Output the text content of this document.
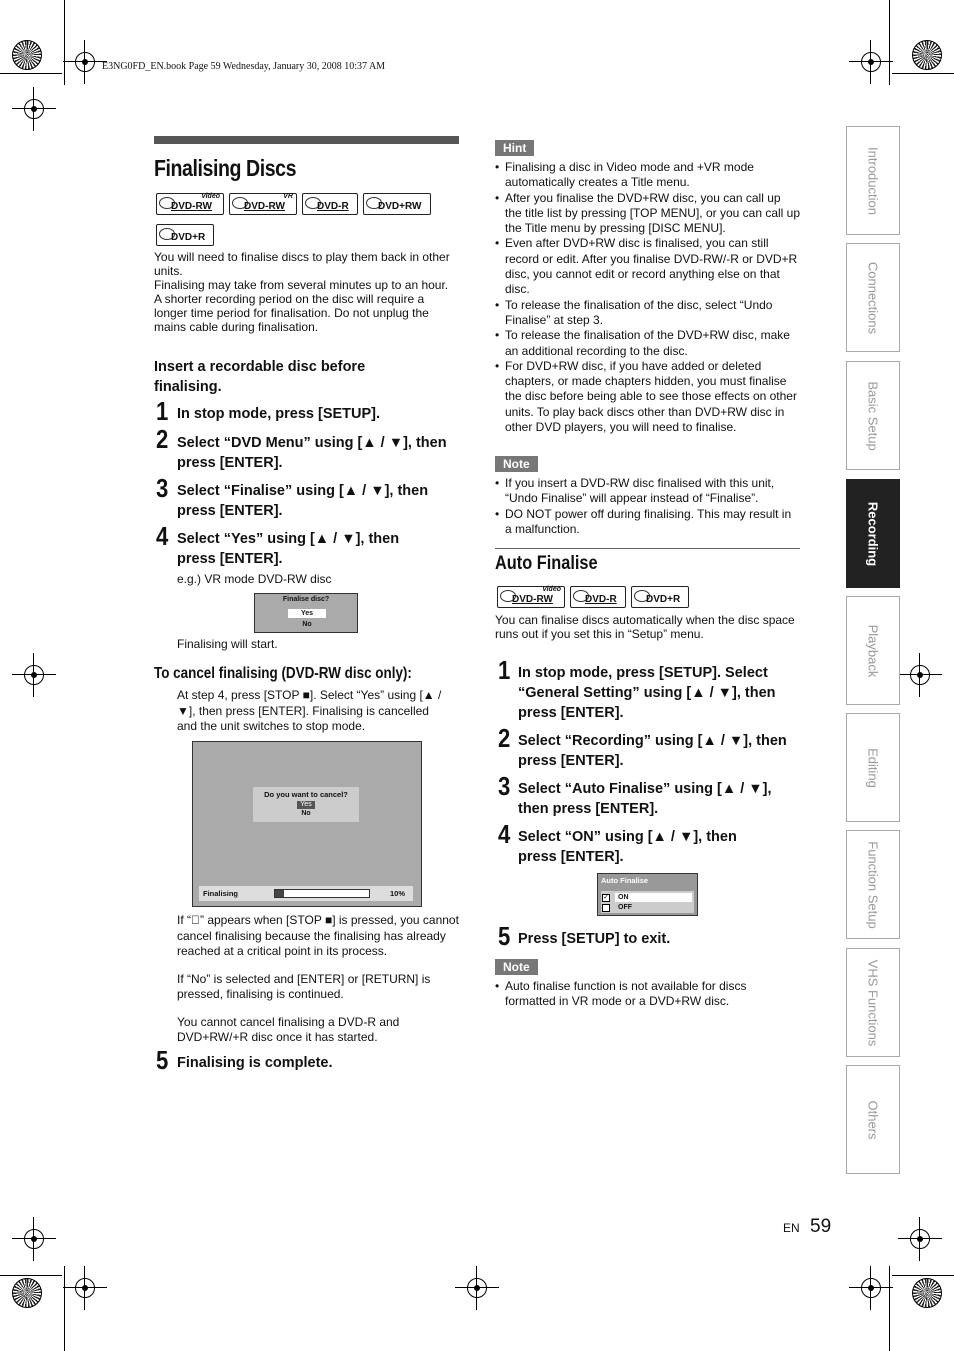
E3NG0FD_EN.book Page 59 Wednesday, January 30, 2008 10:37 AM
Finalising Discs
Video
DVD-RW
VR
DVD-RW	DVD-R	DVD+RW
DVD+R
You will need to finalise discs to play them back in other units.
Finalising may take from several minutes up to an hour.
A shorter recording period on the disc will require a longer time period for finalisation. Do not unplug the mains cable during finalisation.
Insert a recordable disc before finalising.
1 In stop mode, press [SETUP].
2 Select “DVD Menu” using [▲ / ▼], then press [ENTER].
3 Select “Finalise” using [▲ / ▼], then press [ENTER].
4 Select “Yes” using [▲ / ▼], then press [ENTER].
e.g.) VR mode DVD-RW disc
Finalise disc?
Yes
No
Finalising will start.
To cancel finalising (DVD-RW disc only):
At step 4, press [STOP ■]. Select “Yes” using [▲ / ▼], then press [ENTER]. Finalising is cancelled and the unit switches to stop mode.
Do you want to cancel?
Yes
No
Finalising	10%
If “⃠” appears when [STOP ■] is pressed, you cannot cancel finalising because the finalising has already reached at a critical point in its process.
If “No” is selected and [ENTER] or [RETURN] is pressed, finalising is continued.
You cannot cancel finalising a DVD-R and DVD+RW/+R disc once it has started.
5 Finalising is complete.
Hint
• Finalising a disc in Video mode and +VR mode automatically creates a Title menu.
• After you finalise the DVD+RW disc, you can call up the title list by pressing [TOP MENU], or you can call up the Title menu by pressing [DISC MENU].
• Even after DVD+RW disc is finalised, you can still record or edit. After you finalise DVD-RW/-R or DVD+R disc, you cannot edit or record anything else on that disc.
• To release the finalisation of the disc, select “Undo Finalise” at step 3.
• To release the finalisation of the DVD+RW disc, make an additional recording to the disc.
• For DVD+RW disc, if you have added or deleted chapters, or made chapters hidden, you must finalise the disc before being able to see those effects on other units. To play back discs other than DVD+RW disc in other DVD players, you will need to finalise.
Note
• If you insert a DVD-RW disc finalised with this unit, “Undo Finalise” will appear instead of “Finalise”.
• DO NOT power off during finalising. This may result in a malfunction.
Auto Finalise
Video
DVD-RW	DVD-R	DVD+R
You can finalise discs automatically when the disc space runs out if you set this in “Setup” menu.
1 In stop mode, press [SETUP]. Select “General Setting” using [▲ / ▼], then press [ENTER].
2 Select “Recording” using [▲ / ▼], then press [ENTER].
3 Select “Auto Finalise” using [▲ / ▼], then press [ENTER].
4 Select “ON” using [▲ / ▼], then press [ENTER].
Auto Finalise
✓	ON
OFF
5 Press [SETUP] to exit.
Note
• Auto finalise function is not available for discs formatted in VR mode or a DVD+RW disc.
Introduction
Connections
Basic Setup
Recording
Playback
Editing
Function Setup
VHS Functions
Others
EN 59
